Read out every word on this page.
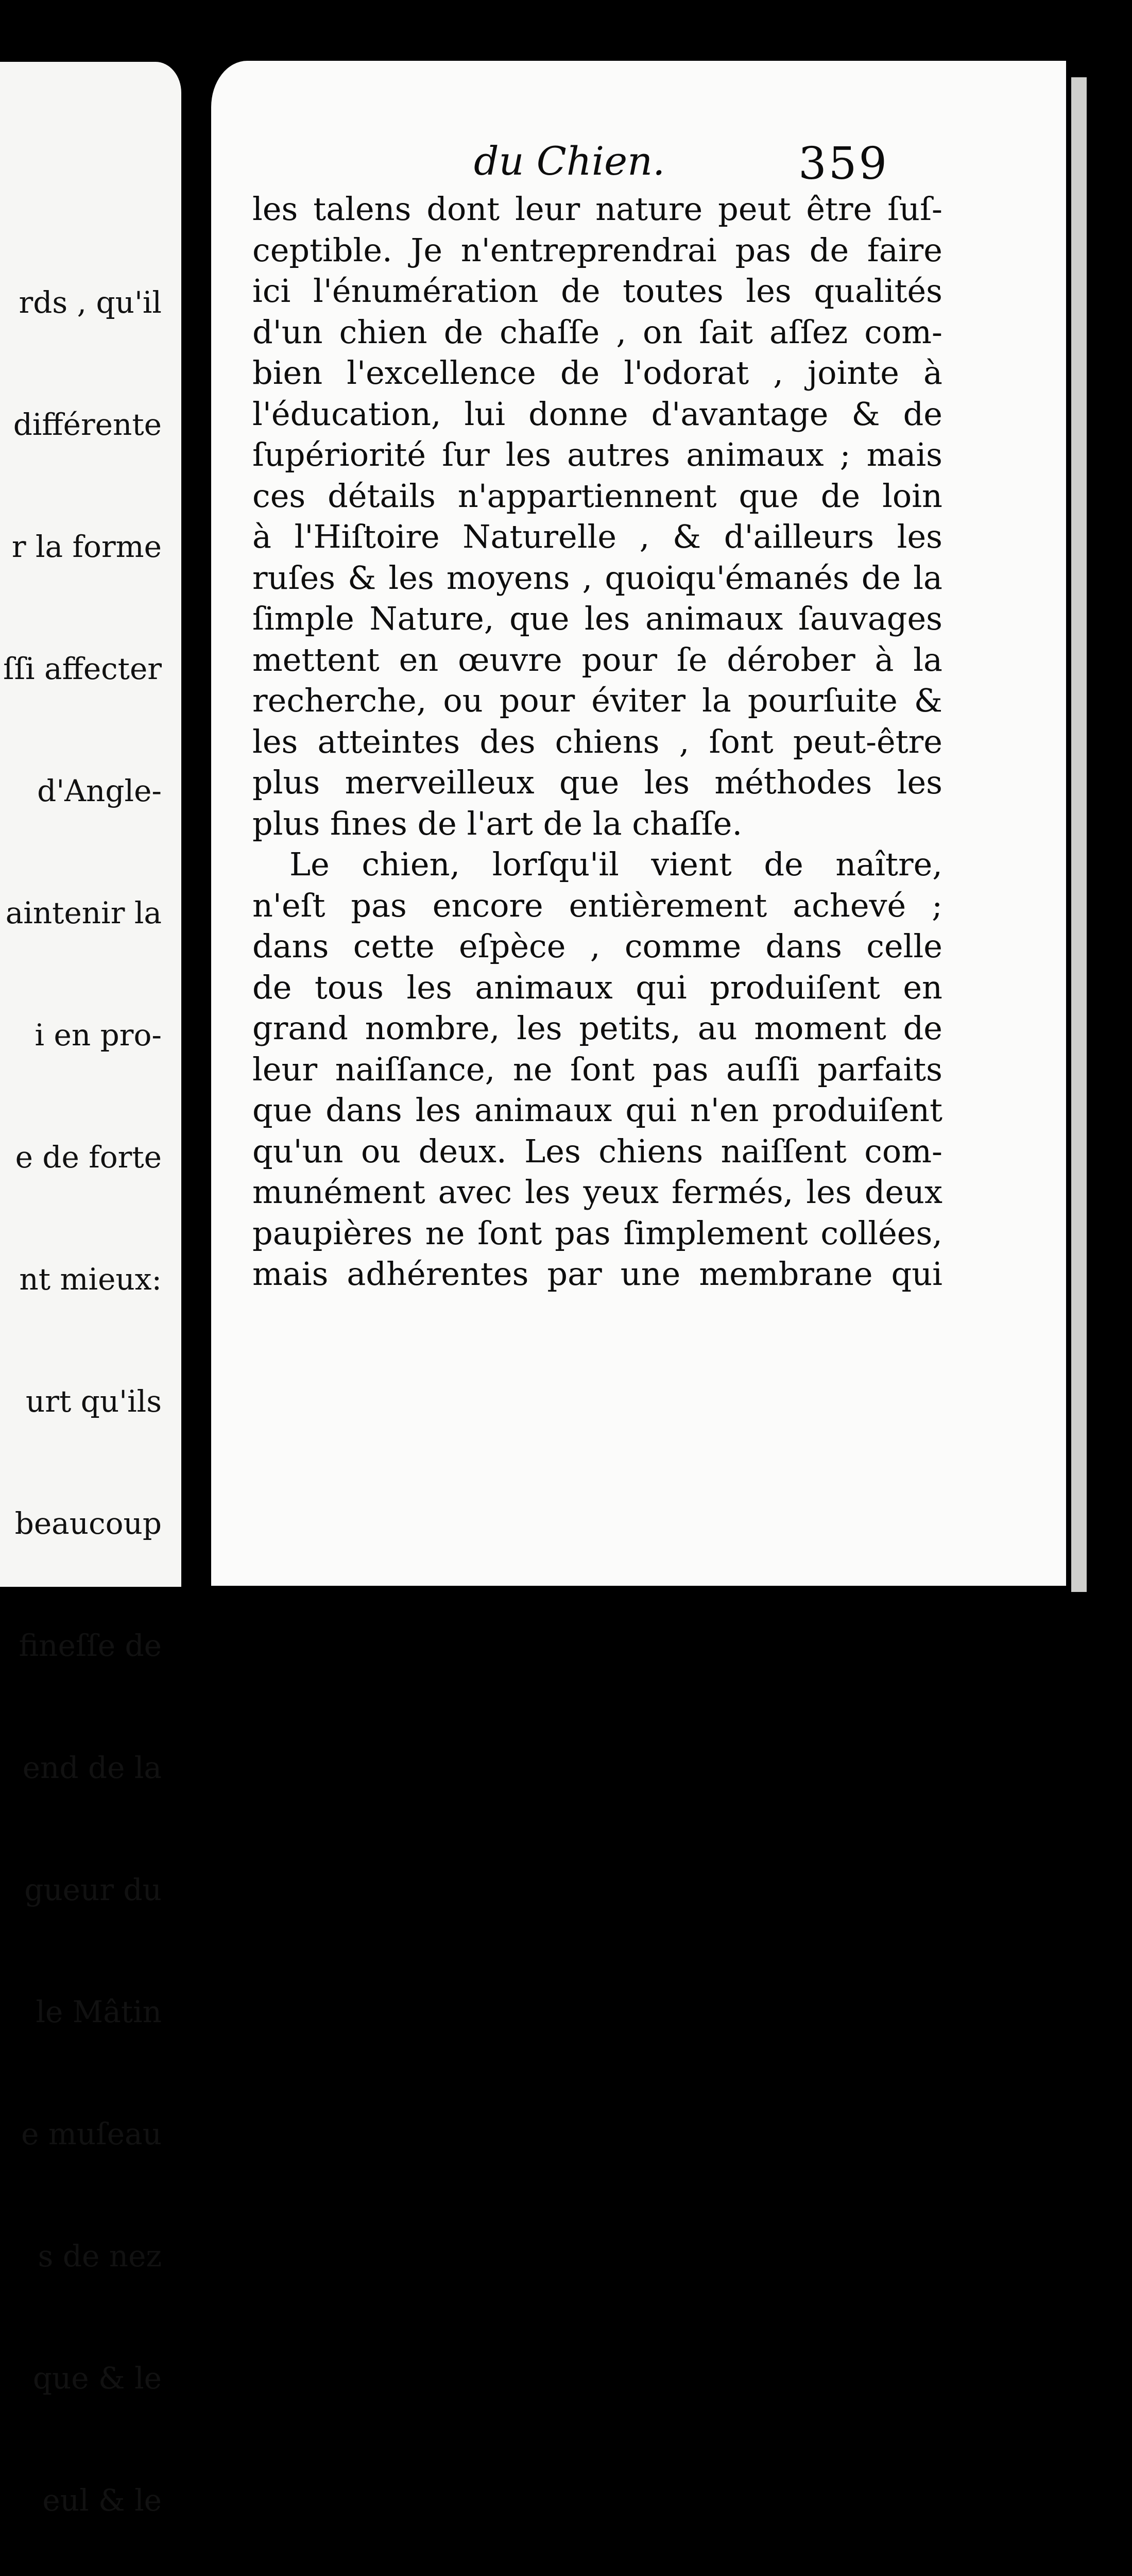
rds , qu'il

différente

r la forme

ſſi affecter

d'Angle-

aintenir la

i en pro-

e de forte

nt mieux:

urt qu'ils

beaucoup

fineſſe de

end de la

gueur du

le Mâtin

e muſeau

s de nez

que & le

eul & le

du Chien.	359
les talens dont leur nature peut être ſuſ-
ceptible. Je n'entreprendrai pas de faire
ici l'énumération de toutes les qualités
d'un chien de chaſſe , on ſait aſſez com-
bien l'excellence de l'odorat , jointe à
l'éducation, lui donne d'avantage & de
ſupériorité ſur les autres animaux ; mais
ces détails n'appartiennent que de loin
à l'Hiſtoire Naturelle , & d'ailleurs les
ruſes & les moyens , quoiqu'émanés de la
ſimple Nature, que les animaux ſauvages
mettent en œuvre pour ſe dérober à la
recherche, ou pour éviter la pourſuite &
les atteintes des chiens , ſont peut-être
plus merveilleux que les méthodes les
plus fines de l'art de la chaſſe.
Le chien, lorſqu'il vient de naître,
n'eſt pas encore entièrement achevé ;
dans cette eſpèce , comme dans celle
de tous les animaux qui produiſent en
grand nombre, les petits, au moment de
leur naiſſance, ne ſont pas auſſi parfaits
que dans les animaux qui n'en produiſent
qu'un ou deux. Les chiens naiſſent com-
munément avec les yeux fermés, les deux
paupières ne ſont pas ſimplement collées,
mais adhérentes par une membrane qui
